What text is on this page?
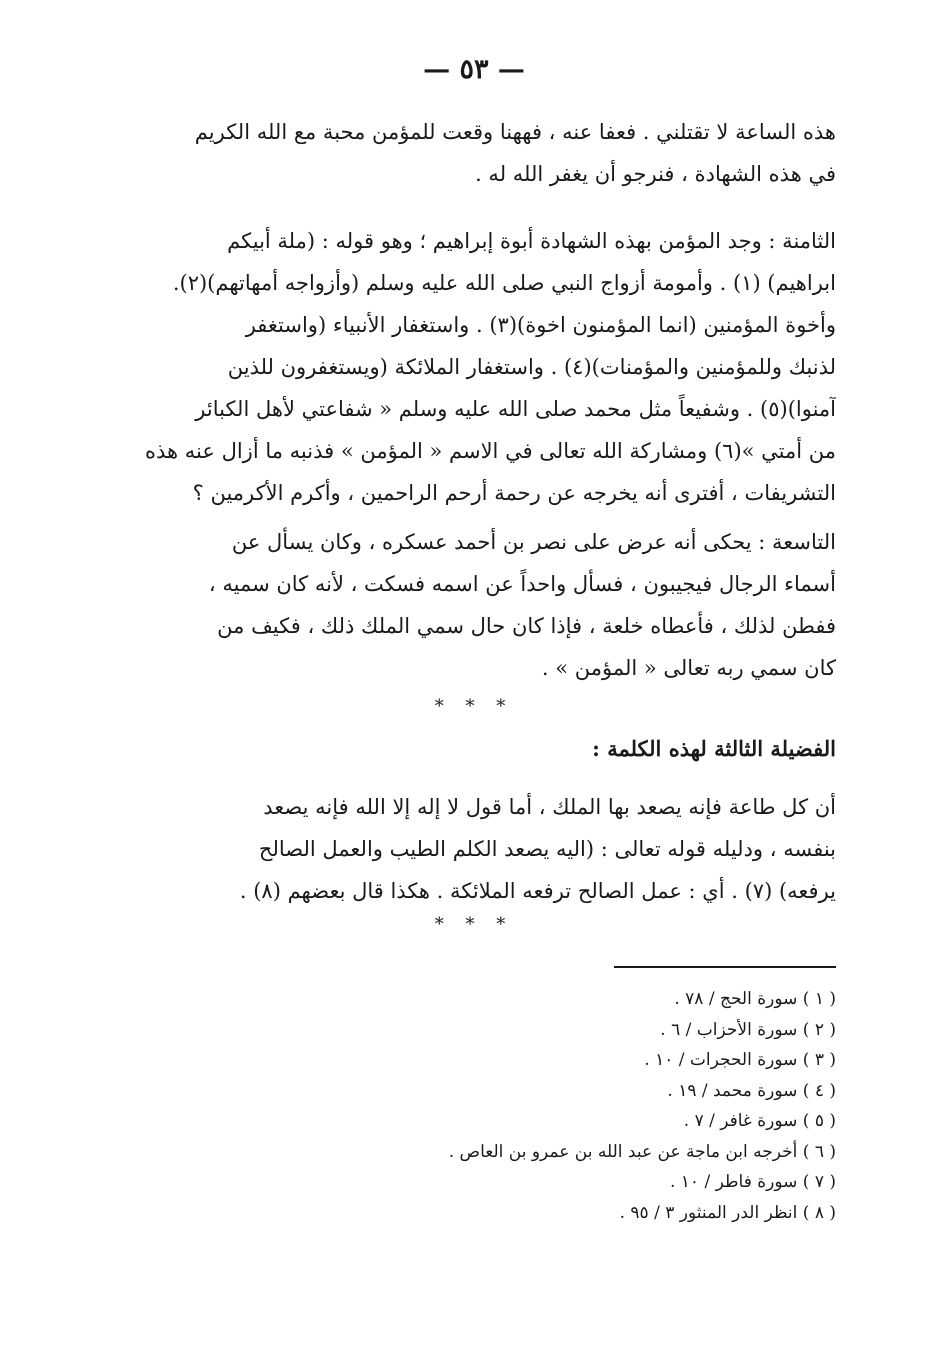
— ٥٣ —
هذه الساعة لا تقتلني . فعفا عنه ، فههنا وقعت للمؤمن محبة مع الله الكريم
في هذه الشهادة ، فنرجو أن يغفر الله له .
الثامنة : وجد المؤمن بهذه الشهادة أبوة إبراهيم ؛ وهو قوله : (ملة أبيكم
ابراهيم) (١) . وأمومة أزواج النبي صلى الله عليه وسلم (وأزواجه أمهاتهم)(٢).
وأخوة المؤمنين (انما المؤمنون اخوة)(٣) . واستغفار الأنبياء (واستغفر
لذنبك وللمؤمنين والمؤمنات)(٤) . واستغفار الملائكة (ويستغفرون للذين
آمنوا)(٥) . وشفيعاً مثل محمد صلى الله عليه وسلم « شفاعتي لأهل الكبائر
من أمتي »(٦) ومشاركة الله تعالى في الاسم « المؤمن » فذنبه ما أزال عنه هذه
التشريفات ، أفترى أنه يخرجه عن رحمة أرحم الراحمين ، وأكرم الأكرمين ؟
التاسعة : يحكى أنه عرض على نصر بن أحمد عسكره ، وكان يسأل عن
أسماء الرجال فيجيبون ، فسأل واحداً عن اسمه فسكت ، لأنه كان سميه ،
ففطن لذلك ، فأعطاه خلعة ، فإذا كان حال سمي الملك ذلك ، فكيف من
كان سمي ربه تعالى « المؤمن » .
* * *
الفضيلة الثالثة لهذه الكلمة :
أن كل طاعة فإنه يصعد بها الملك ، أما قول لا إله إلا الله فإنه يصعد
بنفسه ، ودليله قوله تعالى : (اليه يصعد الكلم الطيب والعمل الصالح
يرفعه) (٧) . أي : عمل الصالح ترفعه الملائكة . هكذا قال بعضهم (٨) .
* * *
( ١ ) سورة الحج / ٧٨ .
( ٢ ) سورة الأحزاب / ٦ .
( ٣ ) سورة الحجرات / ١٠ .
( ٤ ) سورة محمد / ١٩ .
( ٥ ) سورة غافر / ٧ .
( ٦ ) أخرجه ابن ماجة عن عبد الله بن عمرو بن العاص .
( ٧ ) سورة فاطر / ١٠ .
( ٨ ) انظر الدر المنثور ٣ / ٩٥ .
